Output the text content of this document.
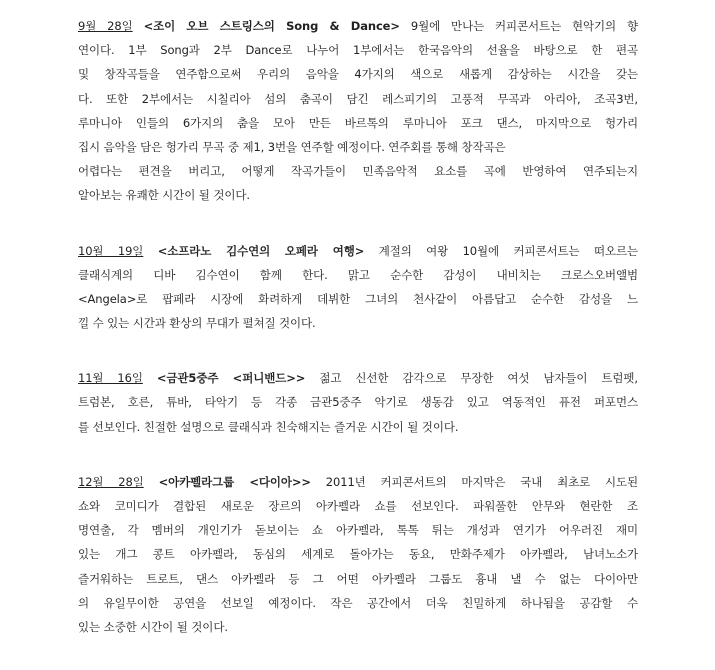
9월 28일 <조이 오브 스트링스의 Song & Dance> 9월에 만나는 커피콘서트는 현악기의 향
연이다. 1부 Song과 2부 Dance로 나누어 1부에서는 한국음악의 선율을 바탕으로 한 편곡
및 창작곡들을 연주함으로써 우리의 음악을 4가지의 색으로 새롭게 감상하는 시간을 갖는
다. 또한 2부에서는 시칠리아 섬의 춤곡이 담긴 레스피기의 고풍적 무곡과 아리아, 조곡3번,
루마니아 인들의 6가지의 춤을 모아 만든 바르톡의 루마니아 포크 댄스, 마지막으로 헝가리
집시 음악을 담은 헝가리 무곡 중 제1, 3번을 연주할 예정이다. 연주회를 통해 창작곡은
어렵다는 편견을 버리고, 어떻게 작곡가들이 민족음악적 요소를 곡에 반영하여 연주되는지
알아보는 유쾌한 시간이 될 것이다.
10월 19일 <소프라노 김수연의 오페라 여행> 계절의 여왕 10월에 커피콘서트는 떠오르는
클래식계의 디바 김수연이 함께 한다. 맑고 순수한 감성이 내비치는 크로스오버앨범
<Angela>로 팝페라 시장에 화려하게 데뷔한 그녀의 천사같이 아름답고 순수한 감성을 느
낄 수 있는 시간과 환상의 무대가 펼쳐질 것이다.
11월 16일 <금관5중주 <퍼니밴드>> 젊고 신선한 감각으로 무장한 여섯 남자들이 트럼펫,
트럼본, 호른, 튜바, 타악기 등 각종 금관5중주 악기로 생동감 있고 역동적인 퓨전 퍼포먼스
를 선보인다. 친절한 설명으로 클래식과 친숙해지는 즐거운 시간이 될 것이다.
12월 28일 <아카펠라그룹 <다이아>> 2011년 커피콘서트의 마지막은 국내 최초로 시도된
쇼와 코미디가 결합된 새로운 장르의 아카펠라 쇼를 선보인다. 파워풀한 안무와 현란한 조
명연출, 각 멤버의 개인기가 돋보이는 쇼 아카펠라, 톡톡 튀는 개성과 연기가 어우러진 재미
있는 개그 콩트 아카펠라, 동심의 세계로 돌아가는 동요, 만화주제가 아카펠라, 남녀노소가
즐거워하는 트로트, 댄스 아카펠라 등 그 어떤 아카펠라 그룹도 흉내 낼 수 없는 다이아만
의 유일무이한 공연을 선보일 예정이다. 작은 공간에서 더욱 친밀하게 하나됨을 공감할 수
있는 소중한 시간이 될 것이다.
